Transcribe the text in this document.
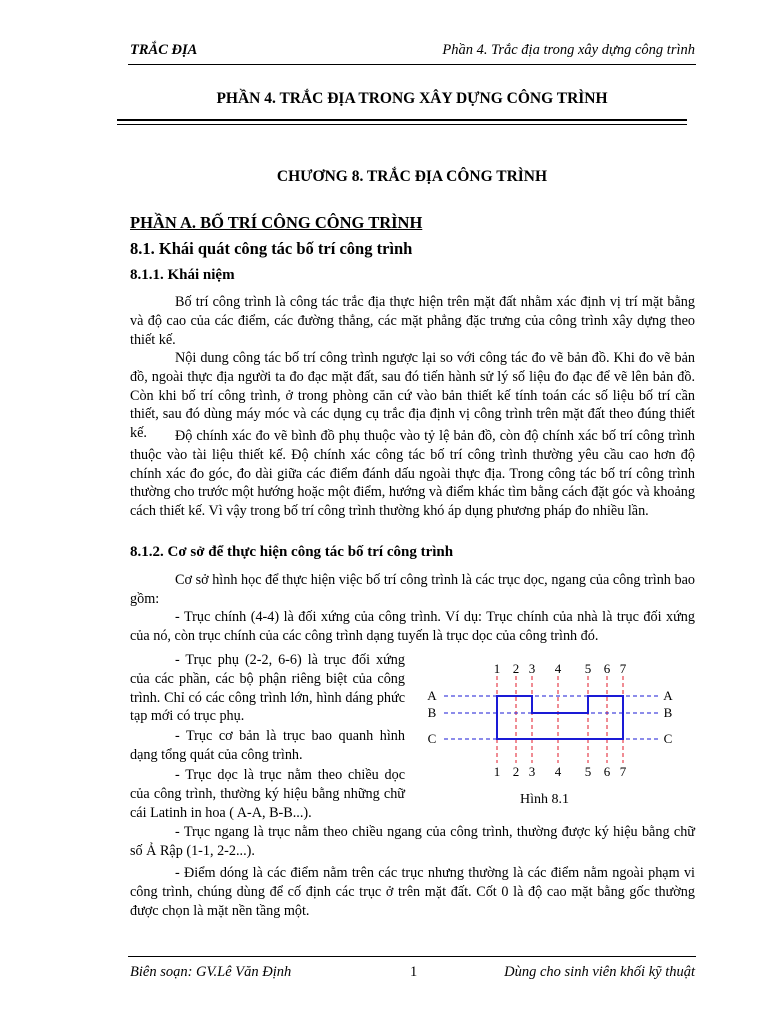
TRẮC ĐỊA	Phần 4. Trắc địa trong xây dựng công trình
PHẦN 4. TRẮC ĐỊA TRONG XÂY DỰNG CÔNG TRÌNH
CHƯƠNG 8. TRẮC ĐỊA CÔNG TRÌNH
PHẦN A. BỐ TRÍ CÔNG CÔNG TRÌNH
8.1. Khái quát công tác bố trí công trình
8.1.1. Khái niệm
Bố trí công trình là công tác trắc địa thực hiện trên mặt đất nhằm xác định vị trí mặt bằng và độ cao của các điểm, các đường thẳng, các mặt phẳng đặc trưng của công trình xây dựng theo thiết kế.
Nội dung công tác bố trí công trình ngược lại so với công tác đo vẽ bản đồ. Khi đo vẽ bản đồ, ngoài thực địa người ta đo đạc mặt đất, sau đó tiến hành sử lý số liệu đo đạc để vẽ lên bản đồ. Còn khi bố trí công trình, ở trong phòng căn cứ vào bản thiết kế tính toán các số liệu bố trí cần thiết, sau đó dùng máy móc và các dụng cụ trắc địa định vị công trình trên mặt đất theo đúng thiết kế.	Độ chính xác đo vẽ bình đồ phụ thuộc vào tỷ lệ bản đồ, còn độ chính xác bố trí công trình thuộc vào tài liệu thiết kế. Độ chính xác công tác bố trí công trình thường yêu cầu cao hơn độ chính xác đo góc, đo dài giữa các điểm đánh dấu ngoài thực địa. Trong công tác bố trí công trình thường cho trước một hướng hoặc một điểm, hướng và điểm khác tìm bằng cách đặt góc và khoảng cách thiết kế. Vì vậy trong bố trí công trình thường khó áp dụng phương pháp đo nhiều lần.
8.1.2. Cơ sở để thực hiện công tác bố trí công trình
Cơ sở hình học để thực hiện việc bố trí công trình là các trục dọc, ngang của công trình bao gồm:
- Trục chính (4-4) là đối xứng của công trình. Ví dụ: Trục chính của nhà là trục đối xứng của nó, còn trục chính của các công trình dạng tuyến là trục dọc của công trình đó.
- Trục phụ (2-2, 6-6) là trục đối xứng của các phần, các bộ phận riêng biệt của công trình. Chỉ có các công trình lớn, hình dáng phức tạp mới có trục phụ.
- Trục cơ bản là trục bao quanh hình dạng tổng quát của công trình.
- Trục dọc là trục nằm theo chiều dọc của công trình, thường ký hiệu bằng những chữ cái Latinh in hoa ( A-A, B-B...).
1
1
2
2
3
3
4
4
5
5
6
6
7
7
A	A
B	B
C	C
Hình 8.1
- Trục ngang là trục nằm theo chiều ngang của công trình, thường được ký hiệu bằng chữ số Ả Rập (1-1, 2-2...).
- Điểm dóng là các điểm nằm trên các trục nhưng thường là các điểm nằm ngoài phạm vi công trình, chúng dùng để cố định các trục ở trên mặt đất. Cốt 0 là độ cao mặt bằng gốc thường được chọn là mặt nền tầng một.
Biên soạn: GV.Lê Văn Định	1	Dùng cho sinh viên khối kỹ thuật
